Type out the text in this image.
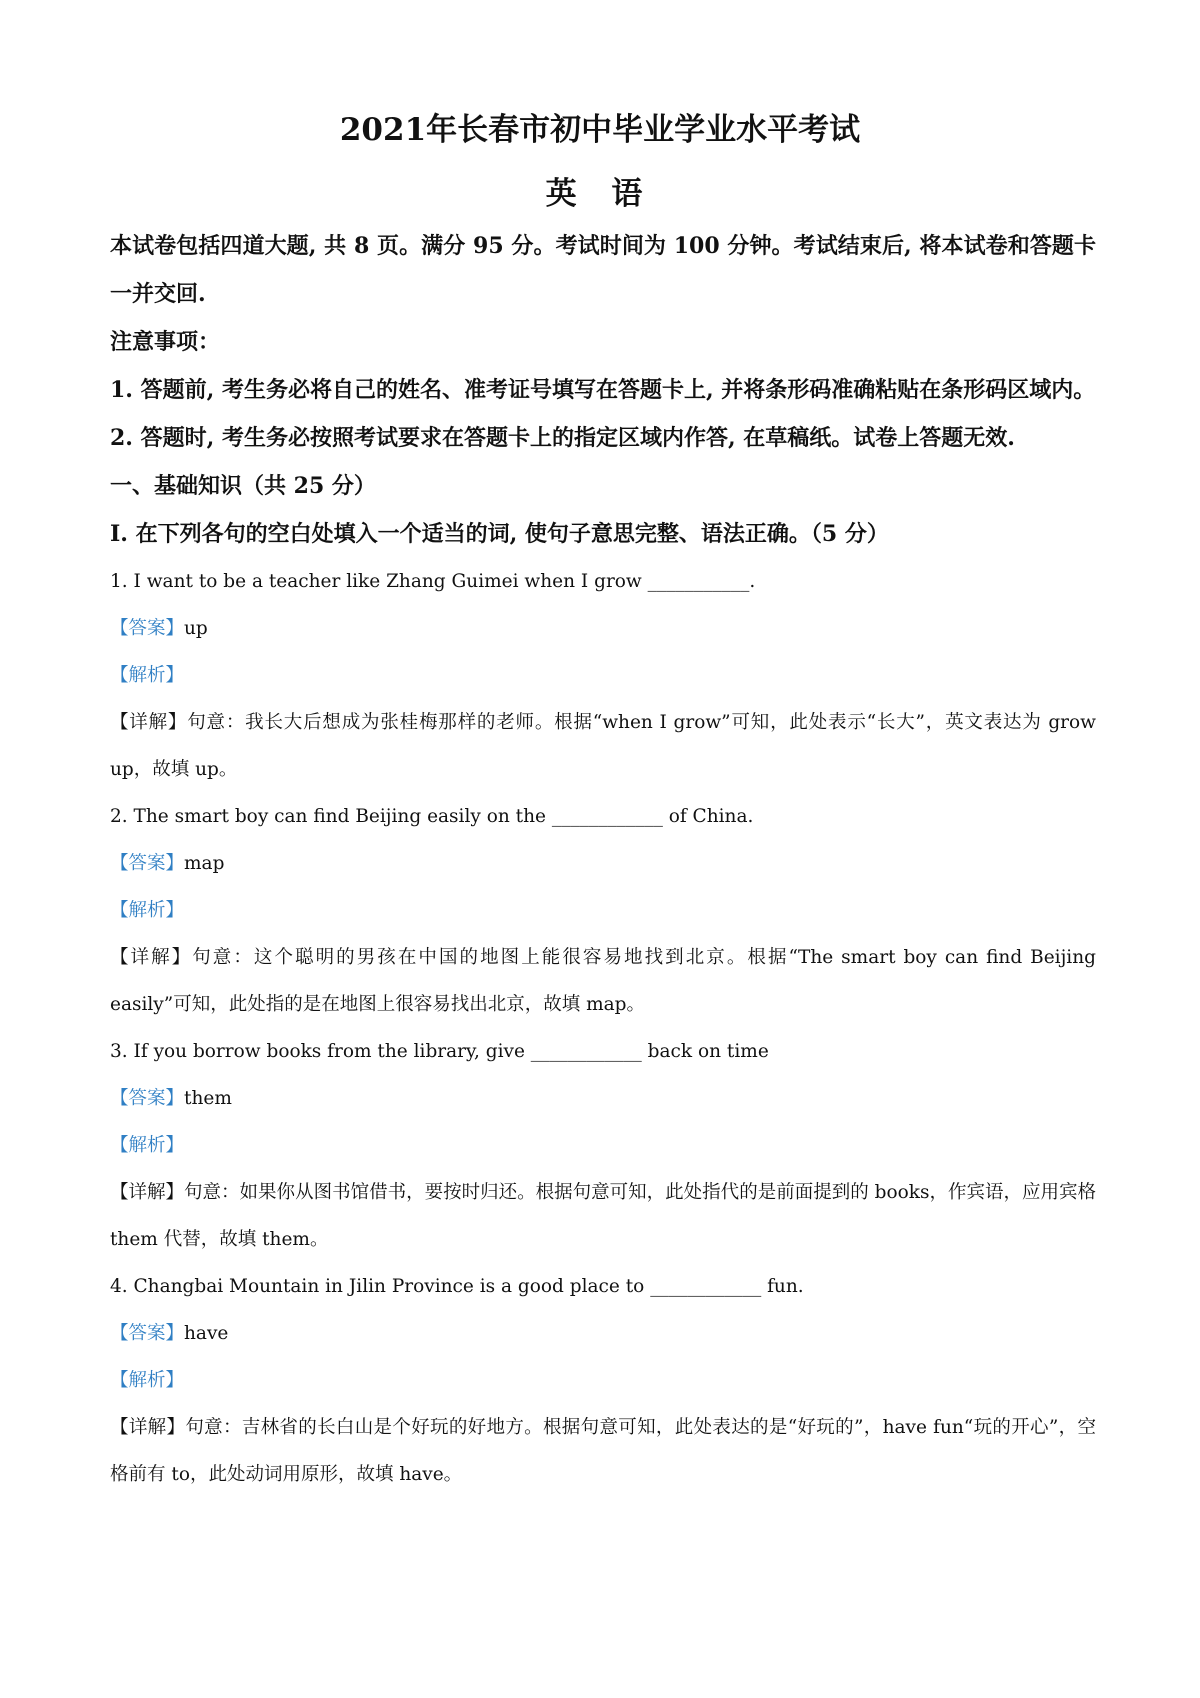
2021年长春市初中毕业学业水平考试
英 语

本试卷包括四道大题, 共 8 页。满分 95 分。考试时间为 100 分钟。考试结束后, 将本试卷和答题卡一并交回.

注意事项：

1. 答题前, 考生务必将自己的姓名、准考证号填写在答题卡上, 并将条形码准确粘贴在条形码区域内。

2. 答题时, 考生务必按照考试要求在答题卡上的指定区域内作答, 在草稿纸。试卷上答题无效.

一、基础知识（共 25 分）

I. 在下列各句的空白处填入一个适当的词, 使句子意思完整、语法正确。（5 分）

1. I want to be a teacher like Zhang Guimei when I grow ___________.

【答案】up

【解析】

【详解】句意：我长大后想成为张桂梅那样的老师。根据“when I grow”可知，此处表示“长大”，英文表达为 grow up，故填 up。

2. The smart boy can find Beijing easily on the ____________ of China.

【答案】map

【解析】

【详解】句意：这个聪明的男孩在中国的地图上能很容易地找到北京。根据“The smart boy can find Beijing easily”可知，此处指的是在地图上很容易找出北京，故填 map。

3. If you borrow books from the library, give ____________ back on time

【答案】them

【解析】

【详解】句意：如果你从图书馆借书，要按时归还。根据句意可知，此处指代的是前面提到的 books，作宾语，应用宾格 them 代替，故填 them。

4. Changbai Mountain in Jilin Province is a good place to ____________ fun.

【答案】have

【解析】

【详解】句意：吉林省的长白山是个好玩的好地方。根据句意可知，此处表达的是“好玩的”，have fun“玩的开心”，空格前有 to，此处动词用原形，故填 have。
